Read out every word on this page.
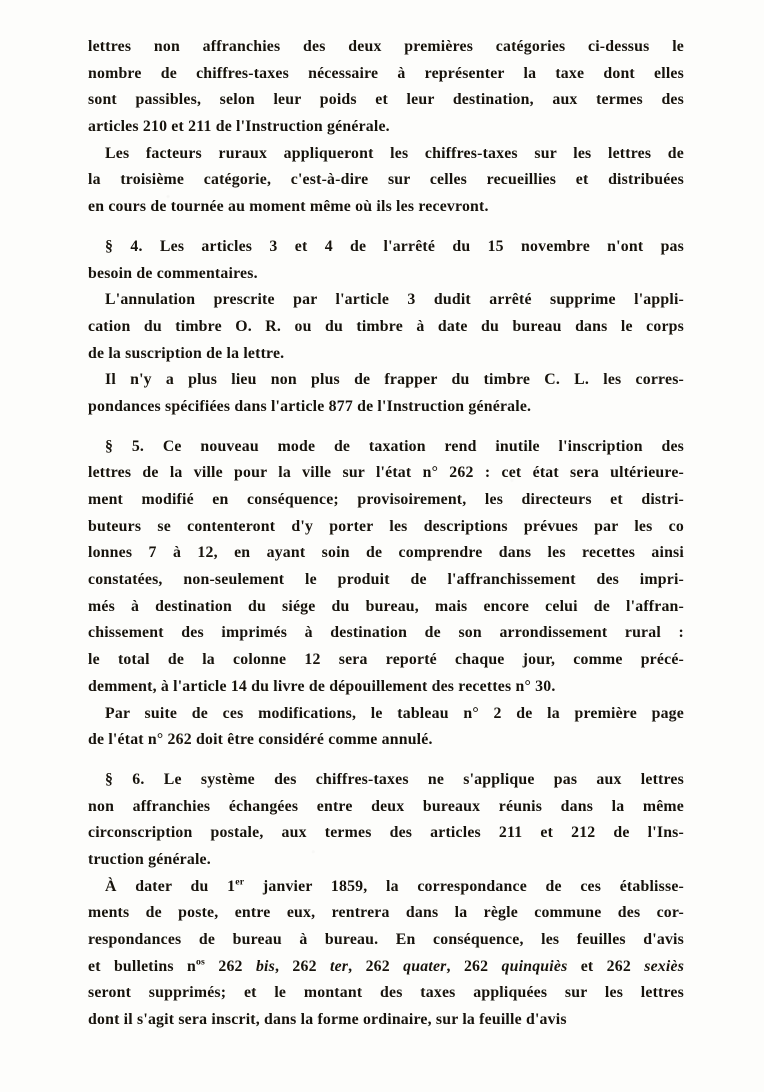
lettres non affranchies des deux premières catégories ci-dessus le
nombre de chiffres-taxes nécessaire à représenter la taxe dont elles
sont passibles, selon leur poids et leur destination, aux termes des
articles 210 et 211 de l'Instruction générale.
Les facteurs ruraux appliqueront les chiffres-taxes sur les lettres de
la troisième catégorie, c'est-à-dire sur celles recueillies et distribuées
en cours de tournée au moment même où ils les recevront.
§ 4. Les articles 3 et 4 de l'arrêté du 15 novembre n'ont pas
besoin de commentaires.
L'annulation prescrite par l'article 3 dudit arrêté supprime l'appli-
cation du timbre O. R. ou du timbre à date du bureau dans le corps
de la suscription de la lettre.
Il n'y a plus lieu non plus de frapper du timbre C. L. les corres-
pondances spécifiées dans l'article 877 de l'Instruction générale.
§ 5. Ce nouveau mode de taxation rend inutile l'inscription des
lettres de la ville pour la ville sur l'état n° 262 : cet état sera ultérieure-
ment modifié en conséquence; provisoirement, les directeurs et distri-
buteurs se contenteront d'y porter les descriptions prévues par les co
lonnes 7 à 12, en ayant soin de comprendre dans les recettes ainsi
constatées, non-seulement le produit de l'affranchissement des impri-
més à destination du siége du bureau, mais encore celui de l'affran-
chissement des imprimés à destination de son arrondissement rural :
le total de la colonne 12 sera reporté chaque jour, comme précé-
demment, à l'article 14 du livre de dépouillement des recettes n° 30.
Par suite de ces modifications, le tableau n° 2 de la première page
de l'état n° 262 doit être considéré comme annulé.
§ 6. Le système des chiffres-taxes ne s'applique pas aux lettres
non affranchies échangées entre deux bureaux réunis dans la même
circonscription postale, aux termes des articles 211 et 212 de l'Ins-
truction générale.
À dater du 1er janvier 1859, la correspondance de ces établisse-
ments de poste, entre eux, rentrera dans la règle commune des cor-
respondances de bureau à bureau. En conséquence, les feuilles d'avis
et bulletins $n^{os}$ 262 bis, 262 ter, 262 quater, 262 quinquiès et 262 sexiès
seront supprimés; et le montant des taxes appliquées sur les lettres
dont il s'agit sera inscrit, dans la forme ordinaire, sur la feuille d'avis
